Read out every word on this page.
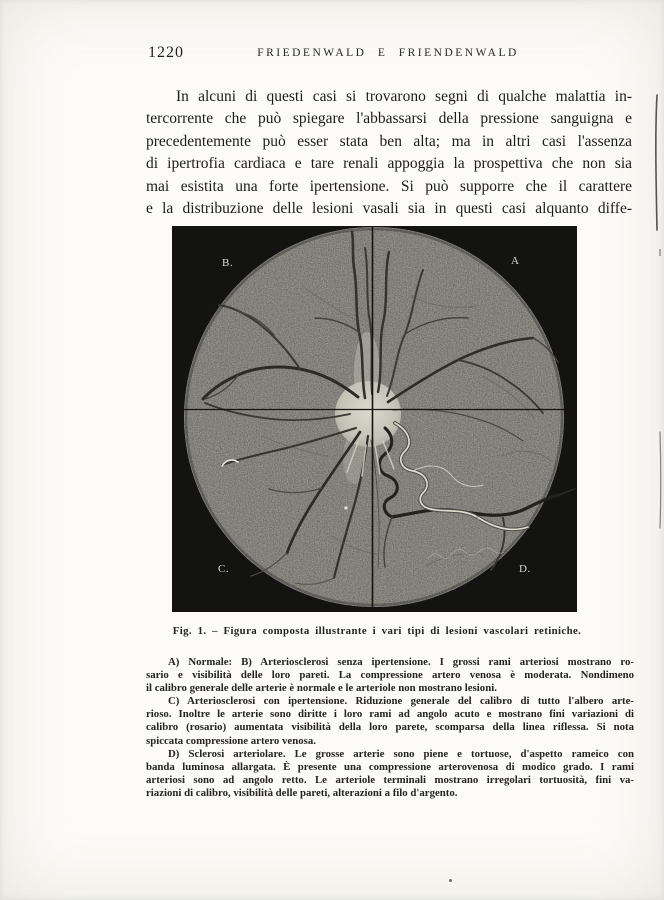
1220	FRIEDENWALD E FRIENDENWALD
In alcuni di questi casi si trovarono segni di qualche malattia in-
tercorrente che può spiegare l'abbassarsi della pressione sanguigna e
precedentemente può esser stata ben alta; ma in altri casi l'assenza
di ipertrofia cardiaca e tare renali appoggia la prospettiva che non sia
mai esistita una forte ipertensione. Si può supporre che il carattere
e la distribuzione delle lesioni vasali sia in questi casi alquanto diffe-
B.	A
C.	D.
Fig. 1. – Figura composta illustrante i vari tipi di lesioni vascolari retiniche.
A) Normale: B) Arteriosclerosi senza ipertensione. I grossi rami arteriosi mostrano ro-
sario e visibilità delle loro pareti. La compressione artero venosa è moderata. Nondimeno
il calibro generale delle arterie è normale e le arteriole non mostrano lesioni.
C) Arteriosclerosi con ipertensione. Riduzione generale del calibro di tutto l'albero arte-
rioso. Inoltre le arterie sono diritte i loro rami ad angolo acuto e mostrano fini variazioni di
calibro (rosario) aumentata visibilità della loro parete, scomparsa della linea riflessa. Si nota
spiccata compressione artero venosa.
D) Sclerosi arteriolare. Le grosse arterie sono piene e tortuose, d'aspetto rameico con
banda luminosa allargata. È presente una compressione arterovenosa di modico grado. I rami
arteriosi sono ad angolo retto. Le arteriole terminali mostrano irregolari tortuosità, fini va-
riazioni di calibro, visibilità delle pareti, alterazioni a filo d'argento.
